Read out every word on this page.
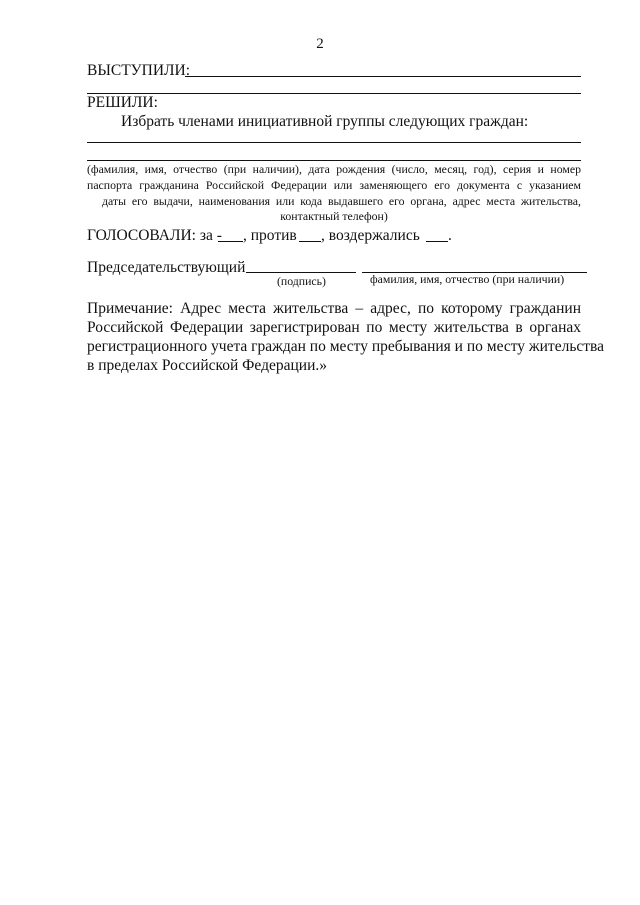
2
ВЫСТУПИЛИ:
РЕШИЛИ:
Избрать членами инициативной группы следующих граждан:
(фамилия, имя, отчество (при наличии), дата рождения (число, месяц, год), серия и номер
паспорта гражданина Российской Федерации или заменяющего его документа с указанием
даты его выдачи, наименования или кода выдавшего его органа, адрес места жительства,
контактный телефон)
ГОЛОСОВАЛИ: за - , против , воздержались .
Председательствующий
(подпись)	фамилия, имя, отчество (при наличии)
Примечание: Адрес места жительства – адрес, по которому гражданин
Российской Федерации зарегистрирован по месту жительства в органах
регистрационного учета граждан по месту пребывания и по месту жительства
в пределах Российской Федерации.»
